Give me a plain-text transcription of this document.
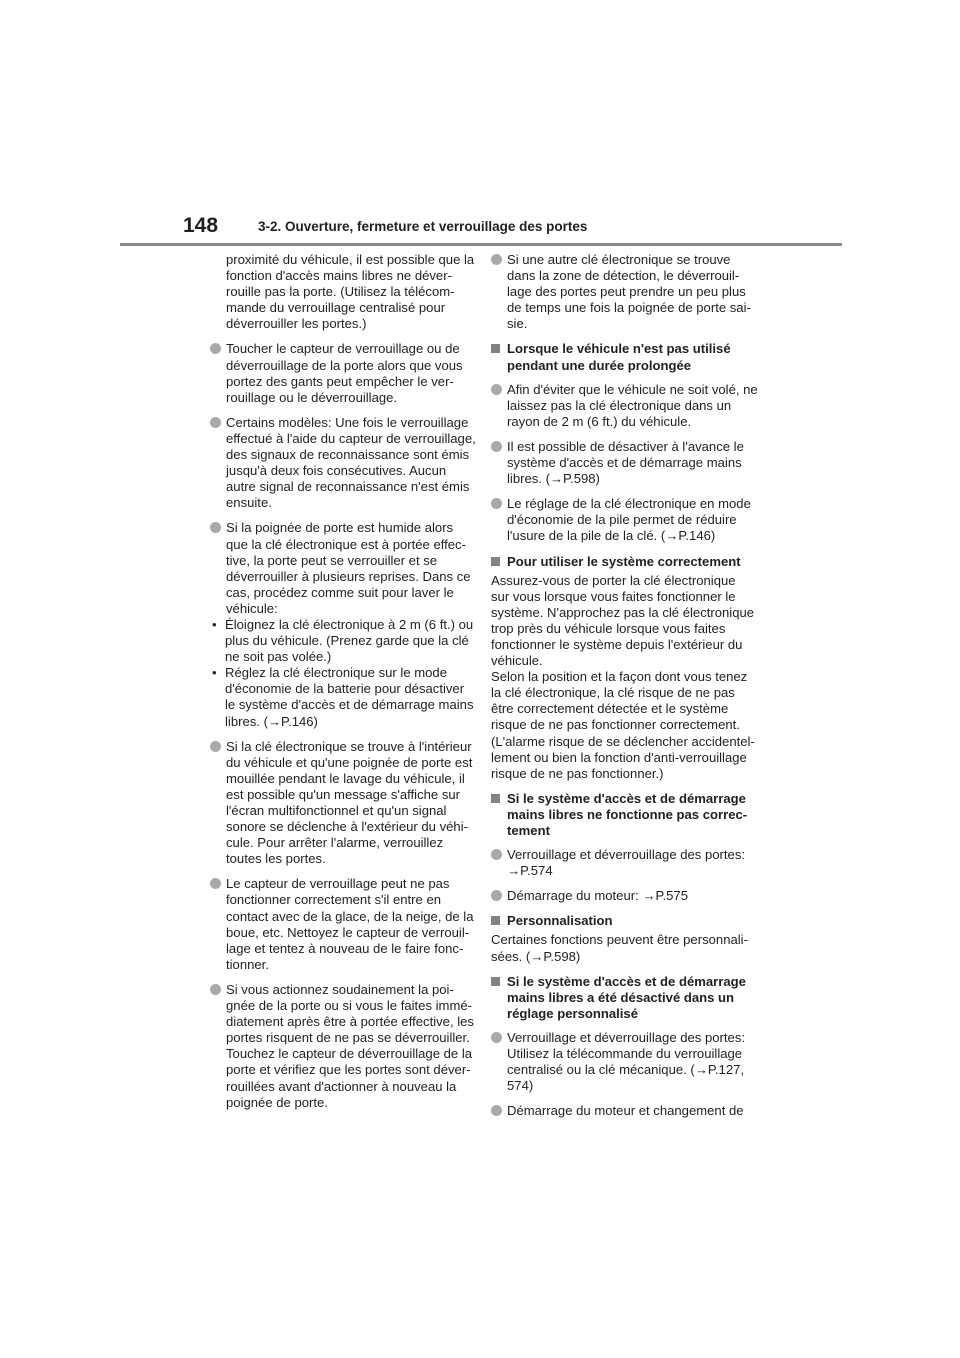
148	3-2. Ouverture, fermeture et verrouillage des portes
proximité du véhicule, il est possible que la
fonction d'accès mains libres ne déver-
rouille pas la porte. (Utilisez la télécom-
mande du verrouillage centralisé pour
déverrouiller les portes.)
Toucher le capteur de verrouillage ou de
déverrouillage de la porte alors que vous
portez des gants peut empêcher le ver-
rouillage ou le déverrouillage.
Certains modèles: Une fois le verrouillage
effectué à l'aide du capteur de verrouillage,
des signaux de reconnaissance sont émis
jusqu'à deux fois consécutives. Aucun
autre signal de reconnaissance n'est émis
ensuite.
Si la poignée de porte est humide alors
que la clé électronique est à portée effec-
tive, la porte peut se verrouiller et se
déverrouiller à plusieurs reprises. Dans ce
cas, procédez comme suit pour laver le
véhicule:
• Éloignez la clé électronique à 2 m (6 ft.) ou
plus du véhicule. (Prenez garde que la clé
ne soit pas volée.)
• Réglez la clé électronique sur le mode
d'économie de la batterie pour désactiver
le système d'accès et de démarrage mains
libres. (→P.146)
Si la clé électronique se trouve à l'intérieur
du véhicule et qu'une poignée de porte est
mouillée pendant le lavage du véhicule, il
est possible qu'un message s'affiche sur
l'écran multifonctionnel et qu'un signal
sonore se déclenche à l'extérieur du véhi-
cule. Pour arrêter l'alarme, verrouillez
toutes les portes.
Le capteur de verrouillage peut ne pas
fonctionner correctement s'il entre en
contact avec de la glace, de la neige, de la
boue, etc. Nettoyez le capteur de verrouil-
lage et tentez à nouveau de le faire fonc-
tionner.
Si vous actionnez soudainement la poi-
gnée de la porte ou si vous le faites immé-
diatement après être à portée effective, les
portes risquent de ne pas se déverrouiller.
Touchez le capteur de déverrouillage de la
porte et vérifiez que les portes sont déver-
rouillées avant d'actionner à nouveau la
poignée de porte.
Si une autre clé électronique se trouve
dans la zone de détection, le déverrouil-
lage des portes peut prendre un peu plus
de temps une fois la poignée de porte sai-
sie.
Lorsque le véhicule n'est pas utilisé
pendant une durée prolongée
Afin d'éviter que le véhicule ne soit volé, ne
laissez pas la clé électronique dans un
rayon de 2 m (6 ft.) du véhicule.
Il est possible de désactiver à l'avance le
système d'accès et de démarrage mains
libres. (→P.598)
Le réglage de la clé électronique en mode
d'économie de la pile permet de réduire
l'usure de la pile de la clé. (→P.146)
Pour utiliser le système correctement
Assurez-vous de porter la clé électronique
sur vous lorsque vous faites fonctionner le
système. N'approchez pas la clé électronique
trop près du véhicule lorsque vous faites
fonctionner le système depuis l'extérieur du
véhicule.
Selon la position et la façon dont vous tenez
la clé électronique, la clé risque de ne pas
être correctement détectée et le système
risque de ne pas fonctionner correctement.
(L'alarme risque de se déclencher accidentel-
lement ou bien la fonction d'anti-verrouillage
risque de ne pas fonctionner.)
Si le système d'accès et de démarrage
mains libres ne fonctionne pas correc-
tement
Verrouillage et déverrouillage des portes:
→P.574
Démarrage du moteur: →P.575
Personnalisation
Certaines fonctions peuvent être personnali-
sées. (→P.598)
Si le système d'accès et de démarrage
mains libres a été désactivé dans un
réglage personnalisé
Verrouillage et déverrouillage des portes:
Utilisez la télécommande du verrouillage
centralisé ou la clé mécanique. (→P.127,
574)
Démarrage du moteur et changement de
